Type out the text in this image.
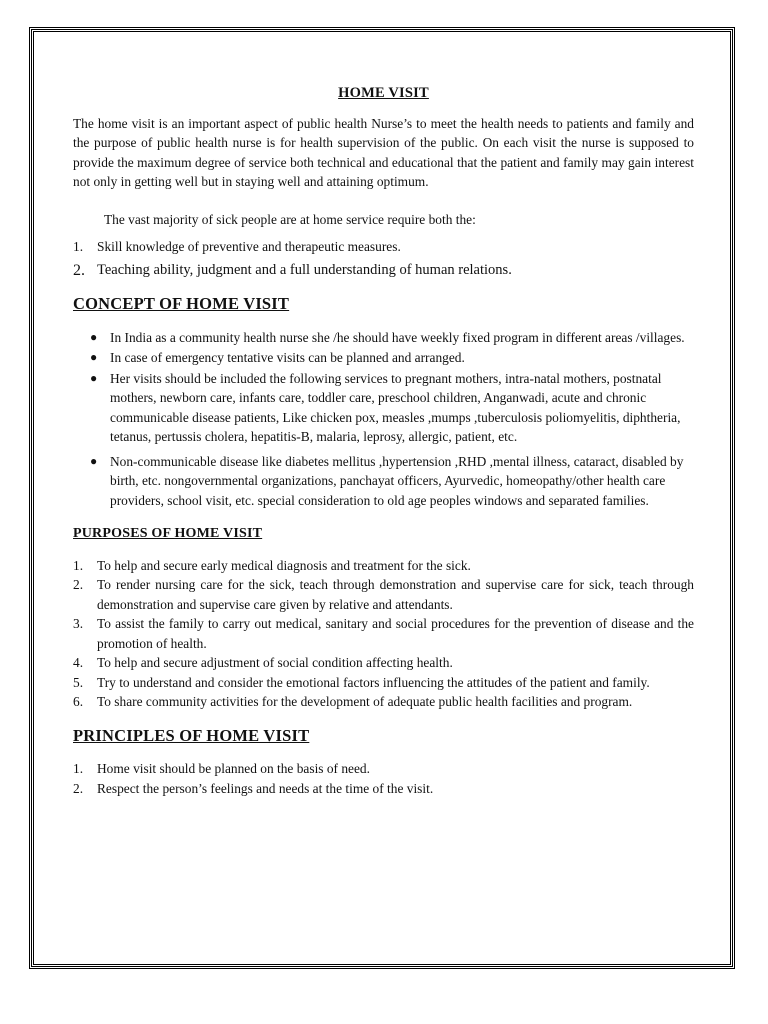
HOME VISIT

The home visit is an important aspect of public health Nurse’s to meet the health needs to patients and family and the purpose of public health nurse is for health supervision of the public. On each visit the nurse is supposed to provide the maximum degree of service both technical and educational that the patient and family may gain interest not only in getting well but in staying well and attaining optimum.

The vast majority of sick people are at home service require both the:

1. Skill knowledge of preventive and therapeutic measures.
2. Teaching ability, judgment and a full understanding of human relations.
CONCEPT OF HOME VISIT
● In India as a community health nurse she /he should have weekly fixed program in different areas /villages.
● In case of emergency tentative visits can be planned and arranged.
● Her visits should be included the following services to pregnant mothers, intra-natal mothers, postnatal mothers, newborn care, infants care, toddler care, preschool children, Anganwadi, acute and chronic communicable disease patients, Like chicken pox, measles ,mumps ,tuberculosis poliomyelitis, diphtheria, tetanus, pertussis cholera, hepatitis-B, malaria, leprosy, allergic, patient, etc.
● Non-communicable disease like diabetes mellitus ,hypertension ,RHD ,mental illness, cataract, disabled by birth, etc. nongovernmental organizations, panchayat officers, Ayurvedic, homeopathy/other health care providers, school visit, etc. special consideration to old age peoples windows and separated families.
PURPOSES OF HOME VISIT
1. To help and secure early medical diagnosis and treatment for the sick.
2. To render nursing care for the sick, teach through demonstration and supervise care for sick, teach through demonstration and supervise care given by relative and attendants.
3. To assist the family to carry out medical, sanitary and social procedures for the prevention of disease and the promotion of health.
4. To help and secure adjustment of social condition affecting health.
5. Try to understand and consider the emotional factors influencing the attitudes of the patient and family.
6. To share community activities for the development of adequate public health facilities and program.
PRINCIPLES OF HOME VISIT
1. Home visit should be planned on the basis of need.
2. Respect the person’s feelings and needs at the time of the visit.
